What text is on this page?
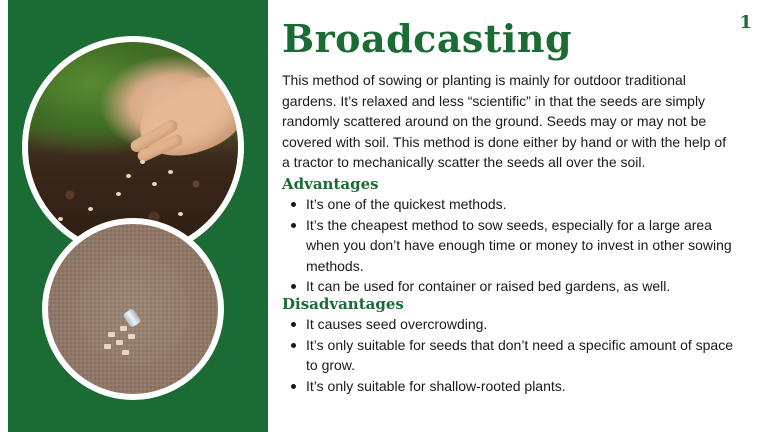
1
Broadcasting

This method of sowing or planting is mainly for outdoor traditional gardens. It’s relaxed and less “scientific” in that the seeds are simply randomly scattered around on the ground. Seeds may or may not be covered with soil. This method is done either by hand or with the help of a tractor to mechanically scatter the seeds all over the soil.

Advantages
It’s one of the quickest methods.
It’s the cheapest method to sow seeds, especially for a large area when you don’t have enough time or money to invest in other sowing methods.
It can be used for container or raised bed gardens, as well.
Disadvantages
It causes seed overcrowding.
It’s only suitable for seeds that don’t need a specific amount of space to grow.
It’s only suitable for shallow-rooted plants.
